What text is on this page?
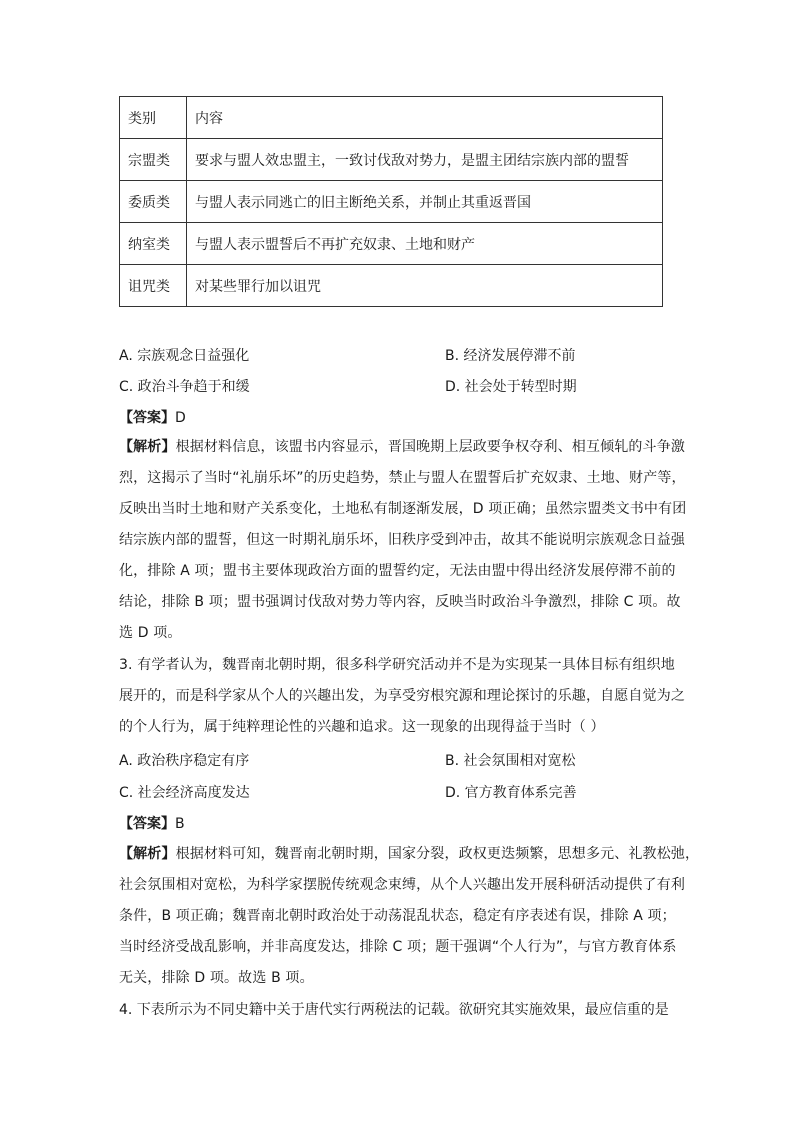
类别	内容
宗盟类	要求与盟人效忠盟主，一致讨伐敌对势力，是盟主团结宗族内部的盟誓
委质类	与盟人表示同逃亡的旧主断绝关系，并制止其重返晋国
纳室类	与盟人表示盟誓后不再扩充奴隶、土地和财产
诅咒类	对某些罪行加以诅咒
A. 宗族观念日益强化	B. 经济发展停滞不前
C. 政治斗争趋于和缓	D. 社会处于转型时期
【答案】D
【解析】根据材料信息，该盟书内容显示，晋国晚期上层政要争权夺利、相互倾轧的斗争激
烈，这揭示了当时“礼崩乐坏”的历史趋势，禁止与盟人在盟誓后扩充奴隶、土地、财产等，
反映出当时土地和财产关系变化，土地私有制逐渐发展，D 项正确；虽然宗盟类文书中有团
结宗族内部的盟誓，但这一时期礼崩乐坏，旧秩序受到冲击，故其不能说明宗族观念日益强
化，排除 A 项；盟书主要体现政治方面的盟誓约定，无法由盟中得出经济发展停滞不前的
结论，排除 B 项；盟书强调讨伐敌对势力等内容，反映当时政治斗争激烈，排除 C 项。故
选 D 项。
3. 有学者认为，魏晋南北朝时期，很多科学研究活动并不是为实现某一具体目标有组织地
展开的，而是科学家从个人的兴趣出发，为享受穷根究源和理论探讨的乐趣，自愿自觉为之
的个人行为，属于纯粹理论性的兴趣和追求。这一现象的出现得益于当时（ ）
A. 政治秩序稳定有序	B. 社会氛围相对宽松
C. 社会经济高度发达	D. 官方教育体系完善
【答案】B
【解析】根据材料可知，魏晋南北朝时期，国家分裂，政权更迭频繁，思想多元、礼教松弛，
社会氛围相对宽松，为科学家摆脱传统观念束缚，从个人兴趣出发开展科研活动提供了有利
条件，B 项正确；魏晋南北朝时政治处于动荡混乱状态，稳定有序表述有误，排除 A 项；
当时经济受战乱影响，并非高度发达，排除 C 项；题干强调“个人行为”，与官方教育体系
无关，排除 D 项。故选 B 项。
4. 下表所示为不同史籍中关于唐代实行两税法的记载。欲研究其实施效果，最应信重的是
